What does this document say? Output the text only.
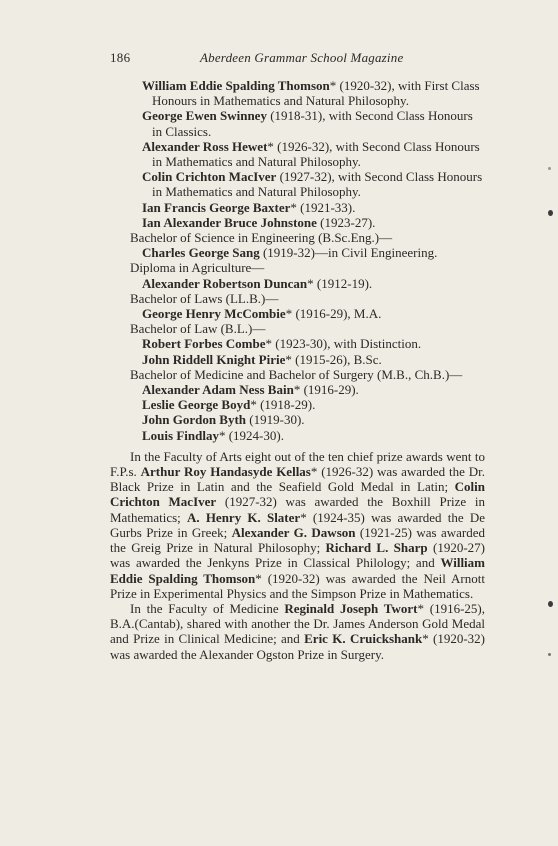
186	Aberdeen Grammar School Magazine
William Eddie Spalding Thomson* (1920-32), with First Class Honours in Mathematics and Natural Philosophy.
George Ewen Swinney (1918-31), with Second Class Honours in Classics.
Alexander Ross Hewet* (1926-32), with Second Class Honours in Mathematics and Natural Philosophy.
Colin Crichton MacIver (1927-32), with Second Class Honours in Mathematics and Natural Philosophy.
Ian Francis George Baxter* (1921-33).
Ian Alexander Bruce Johnstone (1923-27).
Bachelor of Science in Engineering (B.Sc.Eng.)—
Charles George Sang (1919-32)—in Civil Engineering.
Diploma in Agriculture—
Alexander Robertson Duncan* (1912-19).
Bachelor of Laws (LL.B.)—
George Henry McCombie* (1916-29), M.A.
Bachelor of Law (B.L.)—
Robert Forbes Combe* (1923-30), with Distinction.
John Riddell Knight Pirie* (1915-26), B.Sc.
Bachelor of Medicine and Bachelor of Surgery (M.B., Ch.B.)—
Alexander Adam Ness Bain* (1916-29).
Leslie George Boyd* (1918-29).
John Gordon Byth (1919-30).
Louis Findlay* (1924-30).

In the Faculty of Arts eight out of the ten chief prize awards went to F.P.s. Arthur Roy Handasyde Kellas* (1926-32) was awarded the Dr. Black Prize in Latin and the Seafield Gold Medal in Latin; Colin Crichton MacIver (1927-32) was awarded the Boxhill Prize in Mathematics; A. Henry K. Slater* (1924-35) was awarded the De Gurbs Prize in Greek; Alexander G. Dawson (1921-25) was awarded the Greig Prize in Natural Philosophy; Richard L. Sharp (1920-27) was awarded the Jenkyns Prize in Classical Philology; and William Eddie Spalding Thomson* (1920-32) was awarded the Neil Arnott Prize in Experimental Physics and the Simpson Prize in Mathematics.

In the Faculty of Medicine Reginald Joseph Twort* (1916-25), B.A.(Cantab), shared with another the Dr. James Anderson Gold Medal and Prize in Clinical Medicine; and Eric K. Cruickshank* (1920-32) was awarded the Alexander Ogston Prize in Surgery.
